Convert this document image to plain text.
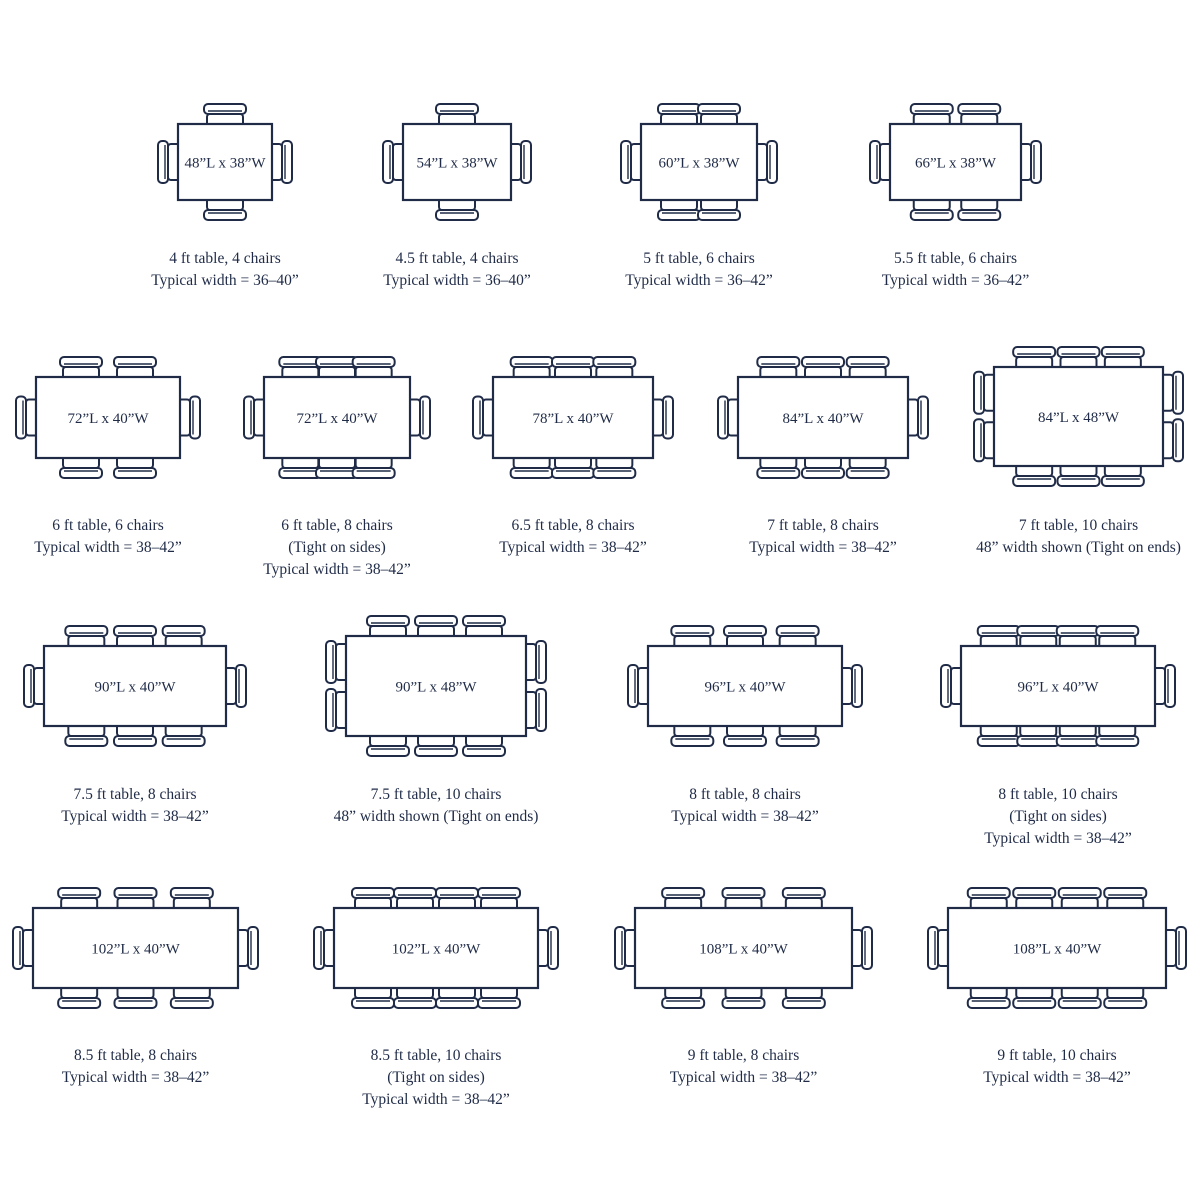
48”L x 38”W	54”L x 38”W	60”L x 38”W	66”L x 38”W
72”L x 40”W	72”L x 40”W	78”L x 40”W	84”L x 40”W	84”L x 48”W
90”L x 40”W	90”L x 48”W	96”L x 40”W	96”L x 40”W
102”L x 40”W	102”L x 40”W	108”L x 40”W	108”L x 40”W
4 ft table, 4 chairs
Typical width = 36–40”
4.5 ft table, 4 chairs
Typical width = 36–40”
5 ft table, 6 chairs
Typical width = 36–42”
5.5 ft table, 6 chairs
Typical width = 36–42”
6 ft table, 6 chairs
Typical width = 38–42”
6 ft table, 8 chairs
(Tight on sides)
Typical width = 38–42”
6.5 ft table, 8 chairs
Typical width = 38–42”
7 ft table, 8 chairs
Typical width = 38–42”
7 ft table, 10 chairs
48” width shown (Tight on ends)
7.5 ft table, 8 chairs
Typical width = 38–42”
7.5 ft table, 10 chairs
48” width shown (Tight on ends)
8 ft table, 8 chairs
Typical width = 38–42”
8 ft table, 10 chairs
(Tight on sides)
Typical width = 38–42”
8.5 ft table, 8 chairs
Typical width = 38–42”
8.5 ft table, 10 chairs
(Tight on sides)
Typical width = 38–42”
9 ft table, 8 chairs
Typical width = 38–42”
9 ft table, 10 chairs
Typical width = 38–42”
